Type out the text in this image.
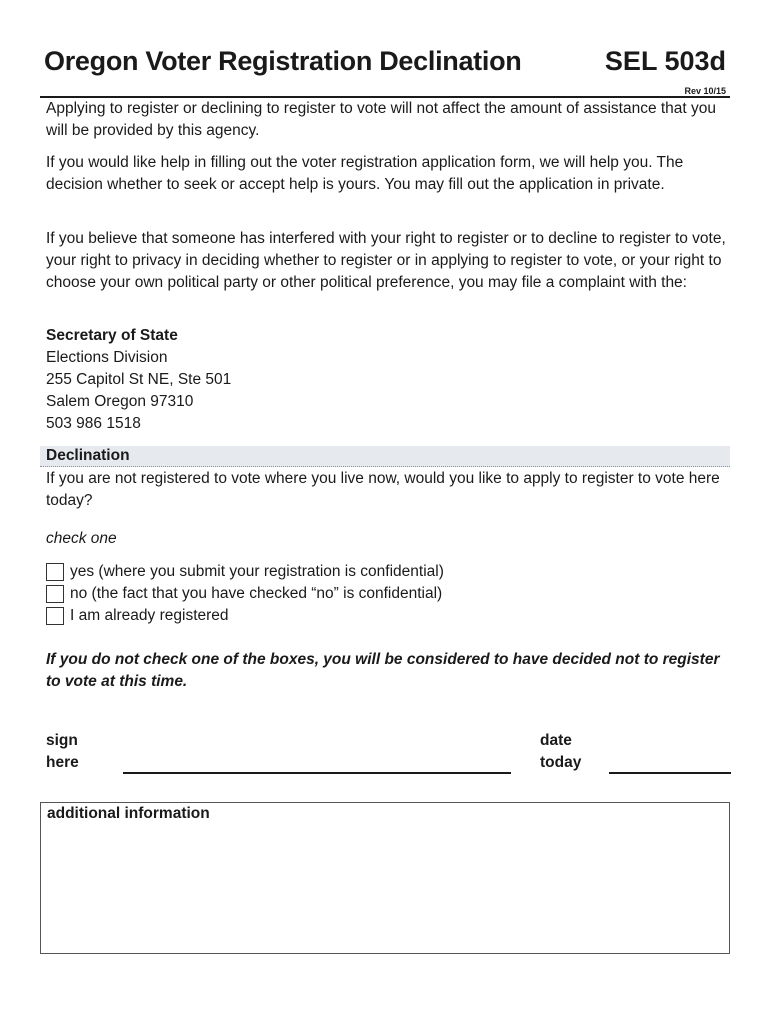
Oregon Voter Registration Declination	SEL 503d
Rev 10/15
Applying to register or declining to register to vote will not affect the amount of assistance that you will be provided by this agency.
If you would like help in filling out the voter registration application form, we will help you. The decision whether to seek or accept help is yours. You may fill out the application in private.
If you believe that someone has interfered with your right to register or to decline to register to vote, your right to privacy in deciding whether to register or in applying to register to vote, or your right to choose your own political party or other political preference, you may file a complaint with the:
Secretary of State
Elections Division
255 Capitol St NE, Ste 501
Salem Oregon 97310
503 986 1518
Declination
If you are not registered to vote where you live now, would you like to apply to register to vote here today?
check one
yes (where you submit your registration is confidential)
no (the fact that you have checked “no” is confidential)
I am already registered
If you do not check one of the boxes, you will be considered to have decided not to register to vote at this time.
sign
here
date
today
additional information
